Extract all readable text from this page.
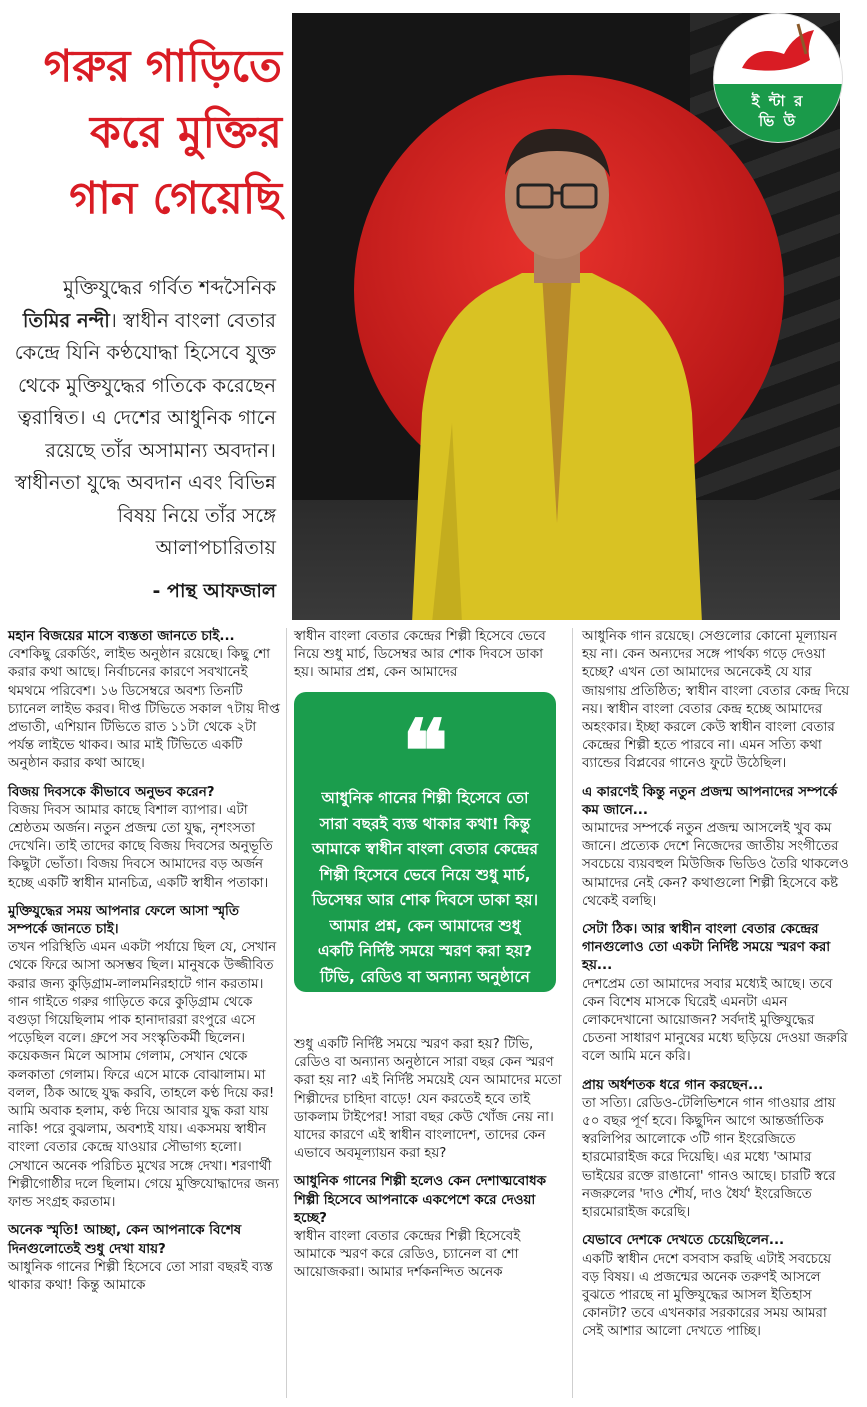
গরুর গাড়িতে
করে মুক্তির
গান গেয়েছি
মুক্তিযুদ্ধের গর্বিত শব্দসৈনিক তিমির নন্দী। স্বাধীন বাংলা বেতার কেন্দ্রে যিনি কণ্ঠযোদ্ধা হিসেবে যুক্ত থেকে মুক্তিযুদ্ধের গতিকে করেছেন ত্বরান্বিত। এ দেশের আধুনিক গানে রয়েছে তাঁর অসামান্য অবদান। স্বাধীনতা যুদ্ধে অবদান এবং বিভিন্ন বিষয় নিয়ে তাঁর সঙ্গে আলাপচারিতায়
- পান্থ আফজাল
ই ন্টা র
ভি উ

মহান বিজয়ের মাসে ব্যস্ততা জানতে চাই...

বেশকিছু রেকর্ডিং, লাইভ অনুষ্ঠান রয়েছে। কিছু শো করার কথা আছে। নির্বাচনের কারণে সবখানেই থমথমে পরিবেশ। ১৬ ডিসেম্বরে অবশ্য তিনটি চ্যানেল লাইভ করব। দীপ্ত টিভিতে সকাল ৭টায় দীপ্ত প্রভাতী, এশিয়ান টিভিতে রাত ১১টা থেকে ২টা পর্যন্ত লাইভে থাকব। আর মাই টিভিতে একটি অনুষ্ঠান করার কথা আছে।

বিজয় দিবসকে কীভাবে অনুভব করেন?

বিজয় দিবস আমার কাছে বিশাল ব্যাপার। এটা শ্রেষ্ঠতম অর্জন। নতুন প্রজন্ম তো যুদ্ধ, নৃশংসতা দেখেনি। তাই তাদের কাছে বিজয় দিবসের অনুভূতি কিছুটা ভোঁতা। বিজয় দিবসে আমাদের বড় অর্জন হচ্ছে একটি স্বাধীন মানচিত্র, একটি স্বাধীন পতাকা।

মুক্তিযুদ্ধের সময় আপনার ফেলে আসা স্মৃতি সম্পর্কে জানতে চাই।

তখন পরিস্থিতি এমন একটা পর্যায়ে ছিল যে, সেখান থেকে ফিরে আসা অসম্ভব ছিল। মানুষকে উজ্জীবিত করার জন্য কুড়িগ্রাম-লালমনিরহাটে গান করতাম। গান গাইতে গরুর গাড়িতে করে কুড়িগ্রাম থেকে বগুড়া গিয়েছিলাম পাক হানাদাররা রংপুরে এসে পড়েছিল বলে। গ্রুপে সব সংস্কৃতিকর্মী ছিলেন। কয়েকজন মিলে আসাম গেলাম, সেখান থেকে কলকাতা গেলাম। ফিরে এসে মাকে বোঝালাম। মা বলল, ঠিক আছে যুদ্ধ করবি, তাহলে কণ্ঠ দিয়ে কর! আমি অবাক হলাম, কণ্ঠ দিয়ে আবার যুদ্ধ করা যায় নাকি! পরে বুঝলাম, অবশ্যই যায়। একসময় স্বাধীন বাংলা বেতার কেন্দ্রে যাওয়ার সৌভাগ্য হলো। সেখানে অনেক পরিচিত মুখের সঙ্গে দেখা। শরণার্থী শিল্পীগোষ্ঠীর দলে ছিলাম। গেয়ে মুক্তিযোদ্ধাদের জন্য ফান্ড সংগ্রহ করতাম।

অনেক স্মৃতি! আচ্ছা, কেন আপনাকে বিশেষ দিনগুলোতেই শুধু দেখা যায়?

আধুনিক গানের শিল্পী হিসেবে তো সারা বছরই ব্যস্ত থাকার কথা! কিন্তু আমাকে

স্বাধীন বাংলা বেতার কেন্দ্রের শিল্পী হিসেবে ভেবে নিয়ে শুধু মার্চ, ডিসেম্বর আর শোক দিবসে ডাকা হয়। আমার প্রশ্ন, কেন আমাদের

❝
আধুনিক গানের শিল্পী হিসেবে তো সারা বছরই ব্যস্ত থাকার কথা! কিন্তু আমাকে স্বাধীন বাংলা বেতার কেন্দ্রের শিল্পী হিসেবে ভেবে নিয়ে শুধু মার্চ, ডিসেম্বর আর শোক দিবসে ডাকা হয়। আমার প্রশ্ন, কেন আমাদের শুধু একটি নির্দিষ্ট সময়ে স্মরণ করা হয়? টিভি, রেডিও বা অন্যান্য অনুষ্ঠানে সারা বছর কেন স্মরণ করা হয় না?

শুধু একটি নির্দিষ্ট সময়ে স্মরণ করা হয়? টিভি, রেডিও বা অন্যান্য অনুষ্ঠানে সারা বছর কেন স্মরণ করা হয় না? এই নির্দিষ্ট সময়েই যেন আমাদের মতো শিল্পীদের চাহিদা বাড়ে! যেন করতেই হবে তাই ডাকলাম টাইপের! সারা বছর কেউ খোঁজ নেয় না। যাদের কারণে এই স্বাধীন বাংলাদেশ, তাদের কেন এভাবে অবমূল্যায়ন করা হয়?

আধুনিক গানের শিল্পী হলেও কেন দেশাত্মবোধক শিল্পী হিসেবে আপনাকে একপেশে করে দেওয়া হচ্ছে?

স্বাধীন বাংলা বেতার কেন্দ্রের শিল্পী হিসেবেই আমাকে স্মরণ করে রেডিও, চ্যানেল বা শো আয়োজকরা। আমার দর্শকনন্দিত অনেক

আধুনিক গান রয়েছে। সেগুলোর কোনো মূল্যায়ন হয় না। কেন অন্যদের সঙ্গে পার্থক্য গড়ে দেওয়া হচ্ছে? এখন তো আমাদের অনেকেই যে যার জায়গায় প্রতিষ্ঠিত; স্বাধীন বাংলা বেতার কেন্দ্র দিয়ে নয়। স্বাধীন বাংলা বেতার কেন্দ্র হচ্ছে আমাদের অহংকার। ইচ্ছা করলে কেউ স্বাধীন বাংলা বেতার কেন্দ্রের শিল্পী হতে পারবে না। এমন সত্যি কথা ব্যান্ডের বিপ্লবের গানেও ফুটে উঠেছিল।

এ কারণেই কিন্তু নতুন প্রজন্ম আপনাদের সম্পর্কে কম জানে...

আমাদের সম্পর্কে নতুন প্রজন্ম আসলেই খুব কম জানে। প্রত্যেক দেশে নিজেদের জাতীয় সংগীতের সবচেয়ে ব্যয়বহুল মিউজিক ভিডিও তৈরি থাকলেও আমাদের নেই কেন? কথাগুলো শিল্পী হিসেবে কষ্ট থেকেই বলছি।

সেটা ঠিক। আর স্বাধীন বাংলা বেতার কেন্দ্রের গানগুলোও তো একটা নির্দিষ্ট সময়ে স্মরণ করা হয়...

দেশপ্রেম তো আমাদের সবার মধ্যেই আছে। তবে কেন বিশেষ মাসকে ঘিরেই এমনটা এমন লোকদেখানো আয়োজন? সর্বদাই মুক্তিযুদ্ধের চেতনা সাধারণ মানুষের মধ্যে ছড়িয়ে দেওয়া জরুরি বলে আমি মনে করি।

প্রায় অর্ধশতক ধরে গান করছেন...

তা সত্যি। রেডিও-টেলিভিশনে গান গাওয়ার প্রায় ৫০ বছর পূর্ণ হবে। কিছুদিন আগে আন্তর্জাতিক স্বরলিপির আলোকে ৩টি গান ইংরেজিতে হারমোরাইজ করে দিয়েছি। এর মধ্যে 'আমার ভাইয়ের রক্তে রাঙানো' গানও আছে। চারটি স্বরে নজরুলের 'দাও শৌর্য, দাও ধৈর্য' ইংরেজিতে হারমোরাইজ করেছি।

যেভাবে দেশকে দেখতে চেয়েছিলেন...

একটি স্বাধীন দেশে বসবাস করছি এটাই সবচেয়ে বড় বিষয়। এ প্রজন্মের অনেক তরুণই আসলে বুঝতে পারছে না মুক্তিযুদ্ধের আসল ইতিহাস কোনটা? তবে এখনকার সরকারের সময় আমরা সেই আশার আলো দেখতে পাচ্ছি।
